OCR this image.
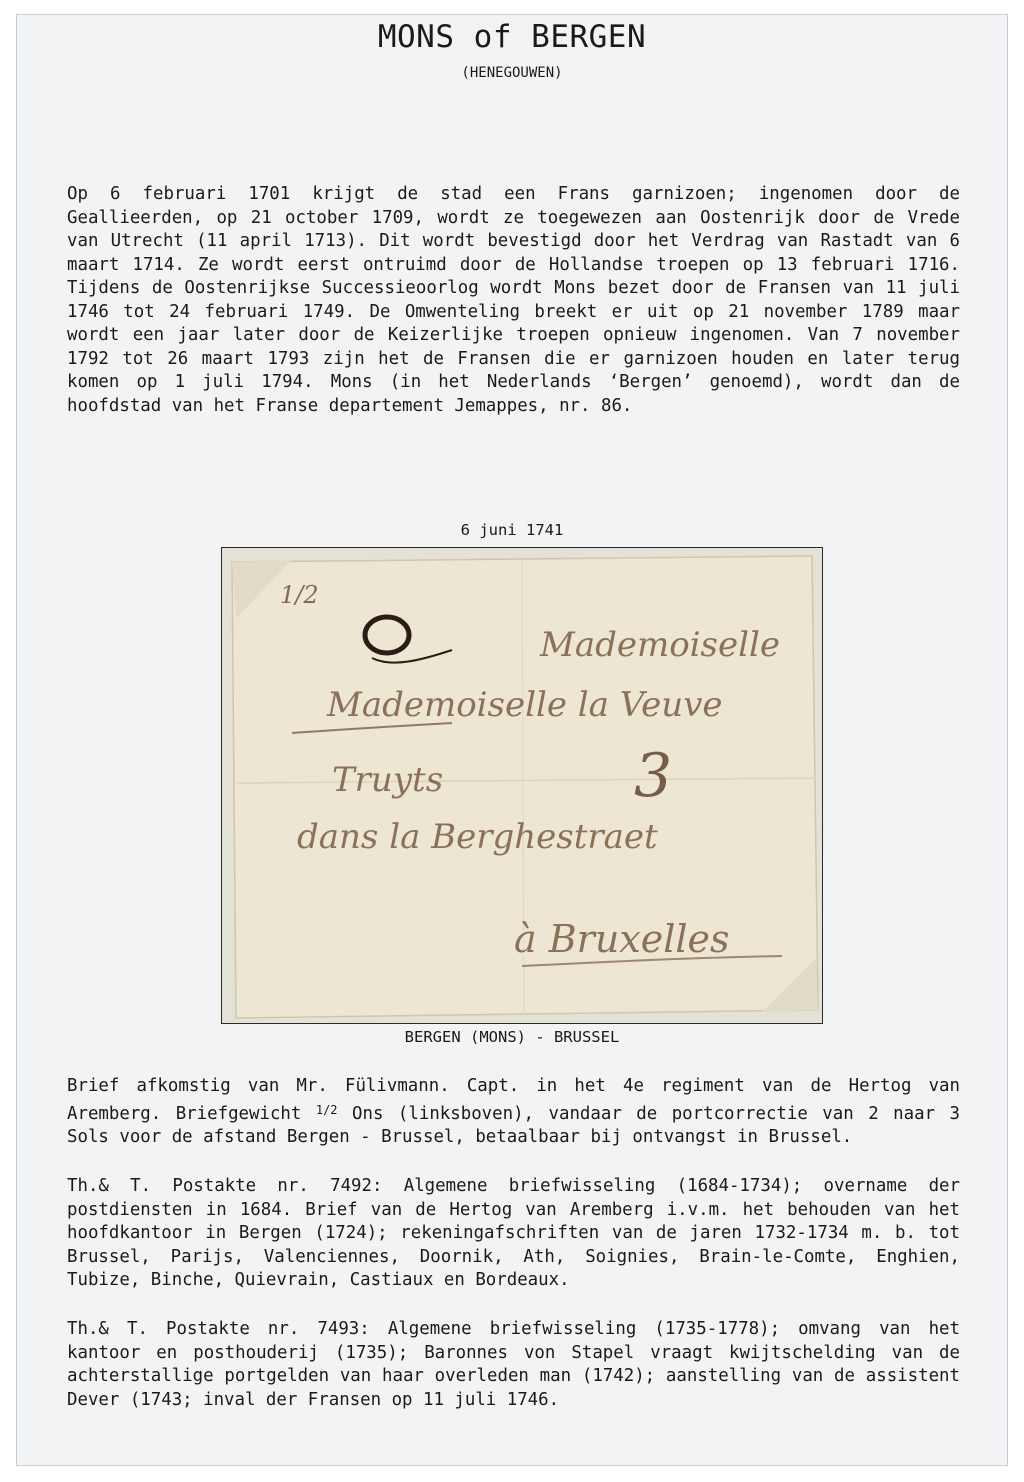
MONS of BERGEN
(HENEGOUWEN)
Op 6 februari 1701 krijgt de stad een Frans garnizoen; ingenomen door de Geallieerden, op 21 october 1709, wordt ze toegewezen aan Oostenrijk door de Vrede van Utrecht (11 april 1713). Dit wordt bevestigd door het Verdrag van Rastadt van 6 maart 1714. Ze wordt eerst ontruimd door de Hollandse troepen op 13 februari 1716. Tijdens de Oostenrijkse Successieoorlog wordt Mons bezet door de Fransen van 11 juli 1746 tot 24 februari 1749. De Omwenteling breekt er uit op 21 november 1789 maar wordt een jaar later door de Keizerlijke troepen opnieuw ingenomen. Van 7 november 1792 tot 26 maart 1793 zijn het de Fransen die er garnizoen houden en later terug komen op 1 juli 1794. Mons (in het Nederlands ‘Bergen’ genoemd), wordt dan de hoofdstad van het Franse departement Jemappes, nr. 86.
6 juni 1741
1/2
Mademoiselle
Mademoiselle la Veuve
3
Truyts
dans la Berghestraet
à Bruxelles
BERGEN (MONS) - BRUSSEL
Brief afkomstig van Mr. Fülivmann. Capt. in het 4e regiment van de Hertog van Aremberg. Briefgewicht $^{1/2}$ Ons (linksboven), vandaar de portcorrectie van 2 naar 3 Sols voor de afstand Bergen - Brussel, betaalbaar bij ontvangst in Brussel.
Th.& T. Postakte nr. 7492: Algemene briefwisseling (1684-1734); overname der postdiensten in 1684. Brief van de Hertog van Aremberg i.v.m. het behouden van het hoofdkantoor in Bergen (1724); rekeningafschriften van de jaren 1732-1734 m. b. tot Brussel, Parijs, Valenciennes, Doornik, Ath, Soignies, Brain-le-Comte, Enghien, Tubize, Binche, Quievrain, Castiaux en Bordeaux.
Th.& T. Postakte nr. 7493: Algemene briefwisseling (1735-1778); omvang van het kantoor en posthouderij (1735); Baronnes von Stapel vraagt kwijtschelding van de achterstallige portgelden van haar overleden man (1742); aanstelling van de assistent Dever (1743; inval der Fransen op 11 juli 1746.
